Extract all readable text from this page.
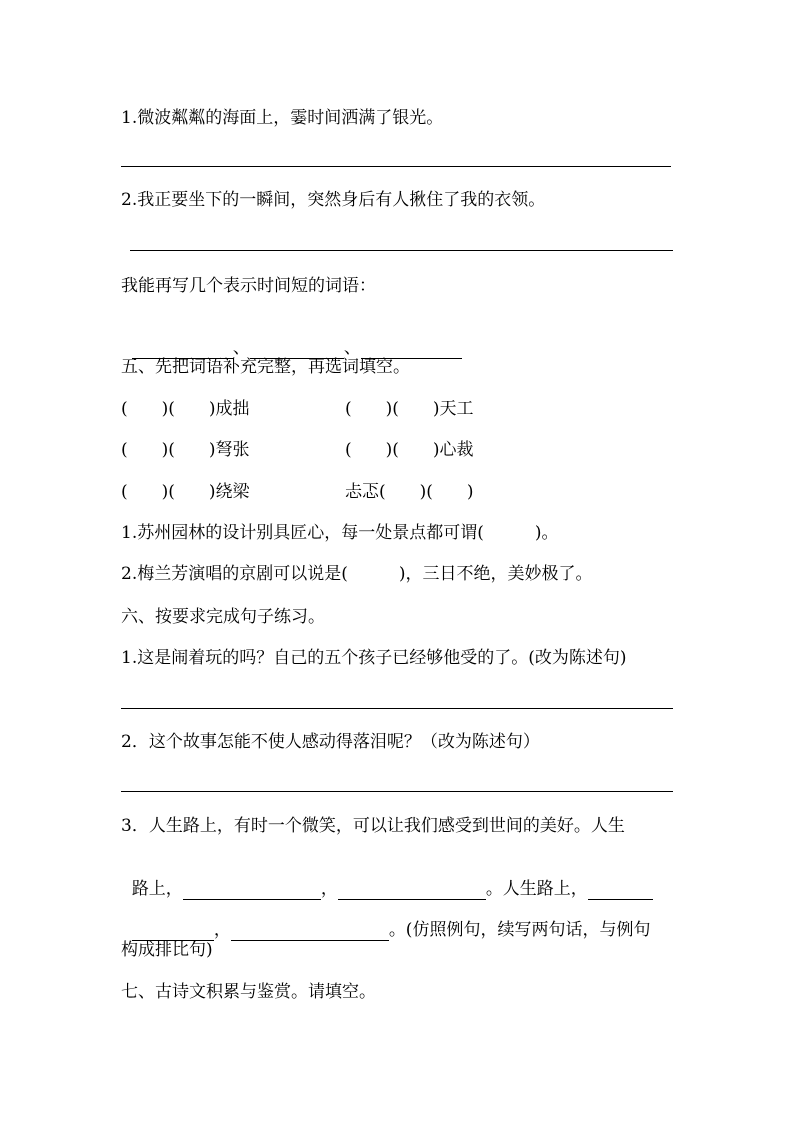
1.微波粼粼的海面上，霎时间洒满了银光。
2.我正要坐下的一瞬间，突然身后有人揪住了我的衣领。
我能再写几个表示时间短的词语：

、	、

五、先把词语补充完整，再选词填空。
(　　)(　　)成拙	(　　)(　　)天工
(　　)(　　)弩张	(　　)(　　)心裁
(　　)(　　)绕梁	忐忑(　　)(　　)
1.苏州园林的设计别具匠心，每一处景点都可谓(　　　)。
2.梅兰芳演唱的京剧可以说是(　　　)，三日不绝，美妙极了。
六、按要求完成句子练习。
1.这是闹着玩的吗？自己的五个孩子已经够他受的了。(改为陈述句)
2．这个故事怎能不使人感动得落泪呢？（改为陈述句）
3．人生路上，有时一个微笑，可以让我们感受到世间的美好。人生

路上，	，	。人生路上，

，	。(仿照例句，续写两句话，与例句

构成排比句)
七、古诗文积累与鉴赏。请填空。
